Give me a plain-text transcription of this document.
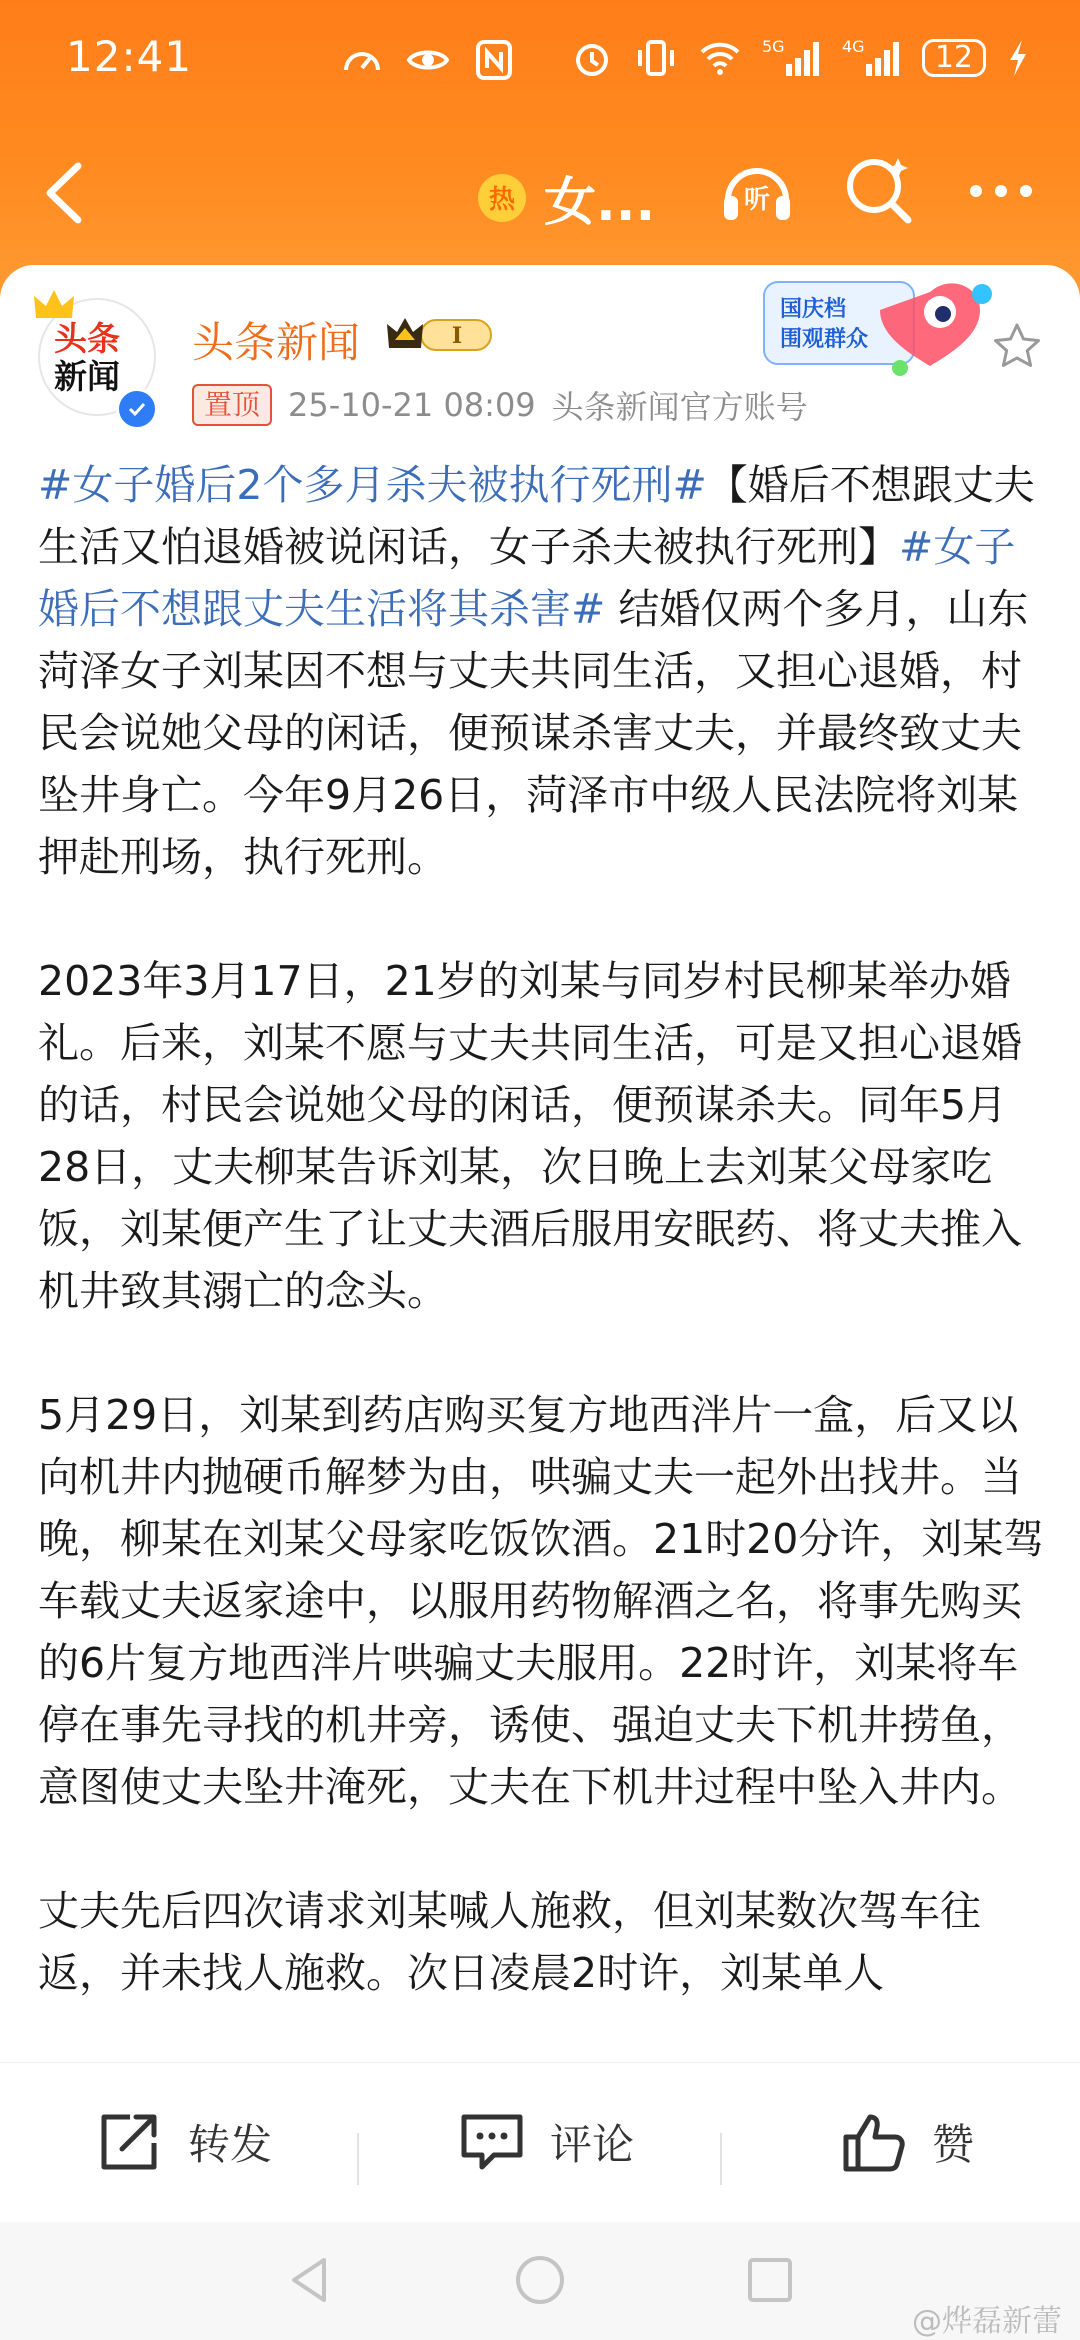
12:41	5G	4G	12
热 女...	听
头条
新闻
头条新闻	I
置顶 25-10-21 08:09 头条新闻官方账号
国庆档
围观群众

#女子婚后2个多月杀夫被执行死刑#【婚后不想跟丈夫生活又怕退婚被说闲话，女子杀夫被执行死刑】#女子婚后不想跟丈夫生活将其杀害# 结婚仅两个多月，山东菏泽女子刘某因不想与丈夫共同生活，又担心退婚，村民会说她父母的闲话，便预谋杀害丈夫，并最终致丈夫坠井身亡。今年9月26日，菏泽市中级人民法院将刘某押赴刑场，执行死刑。

2023年3月17日，21岁的刘某与同岁村民柳某举办婚礼。后来，刘某不愿与丈夫共同生活，可是又担心退婚的话，村民会说她父母的闲话，便预谋杀夫。同年5月28日，丈夫柳某告诉刘某，次日晚上去刘某父母家吃饭，刘某便产生了让丈夫酒后服用安眠药、将丈夫推入机井致其溺亡的念头。

5月29日，刘某到药店购买复方地西泮片一盒，后又以向机井内抛硬币解梦为由，哄骗丈夫一起外出找井。当晚，柳某在刘某父母家吃饭饮酒。21时20分许，刘某驾车载丈夫返家途中，以服用药物解酒之名，将事先购买的6片复方地西泮片哄骗丈夫服用。22时许，刘某将车停在事先寻找的机井旁，诱使、强迫丈夫下机井捞鱼，意图使丈夫坠井淹死，丈夫在下机井过程中坠入井内。

丈夫先后四次请求刘某喊人施救，但刘某数次驾车往返，并未找人施救。次日凌晨2时许，刘某单人

转发	评论	赞
@烨磊新蕾
